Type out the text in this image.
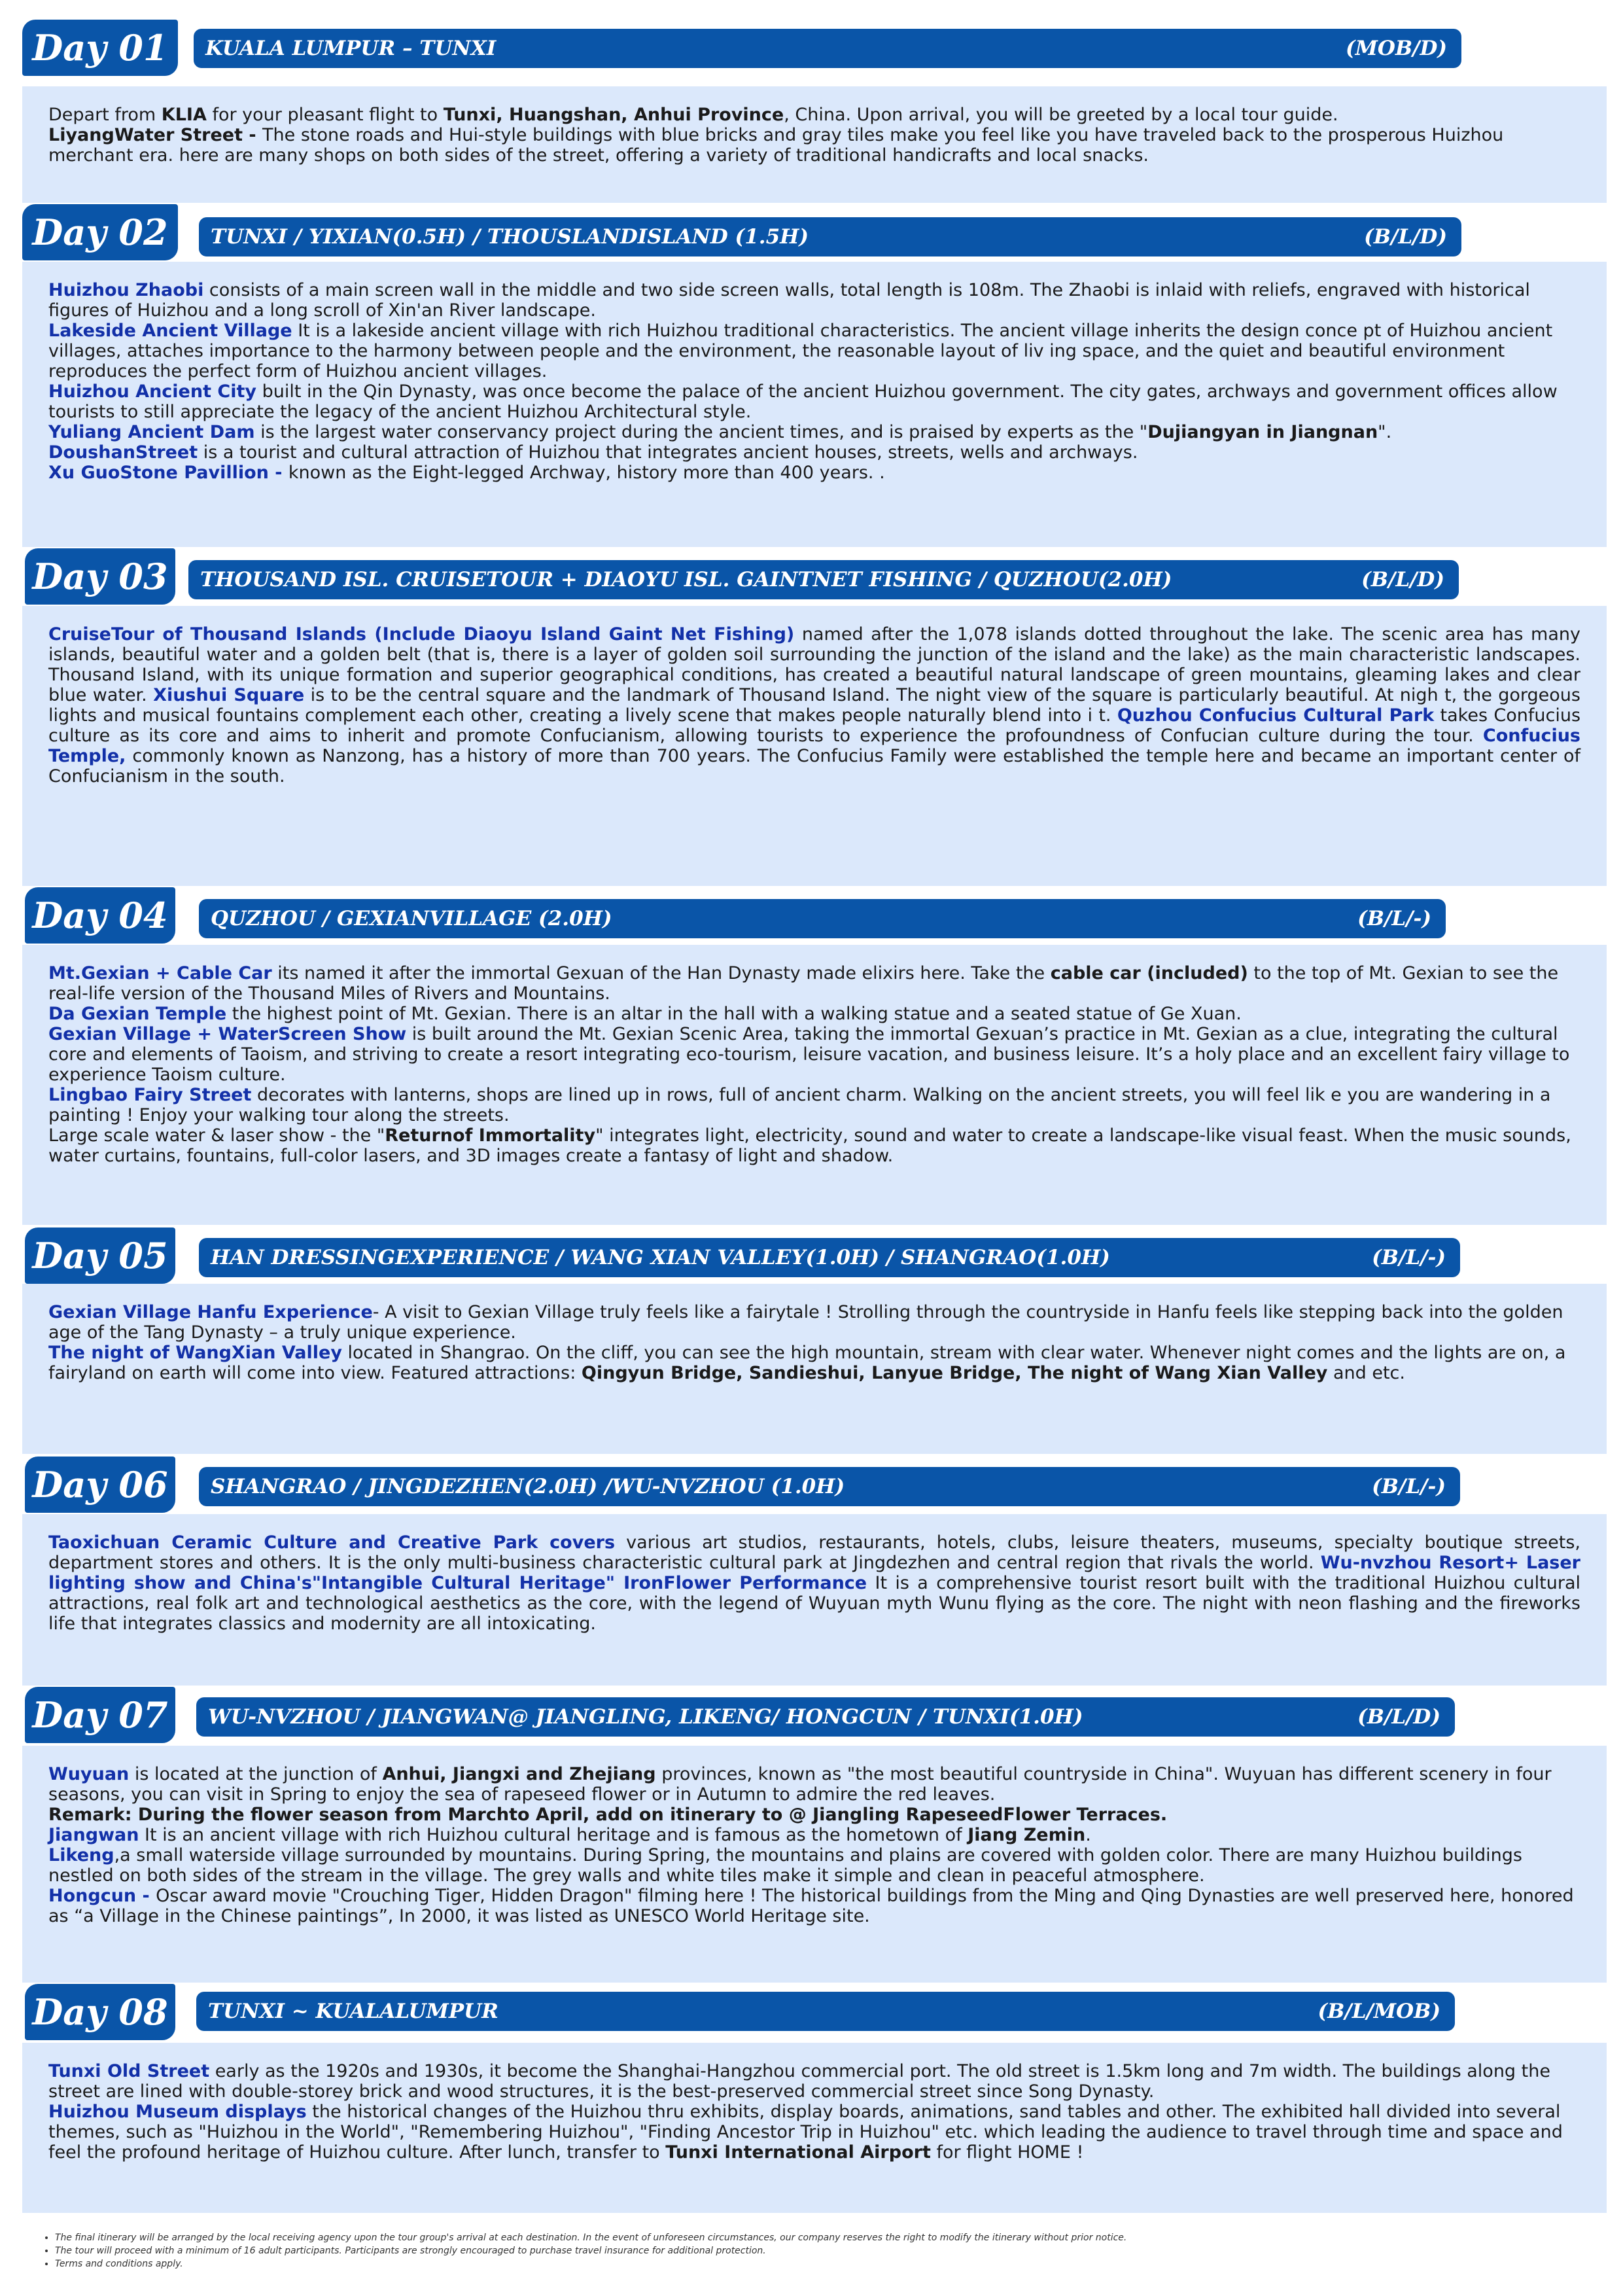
Day 01	KUALA LUMPUR – TUNXI	(MOB/D)

Depart from KLIA for your pleasant flight to Tunxi, Huangshan, Anhui Province, China. Upon arrival, you will be greeted by a local tour guide.

LiyangWater Street - The stone roads and Hui-style buildings with blue bricks and gray tiles make you feel like you have traveled back to the prosperous Huizhou merchant era. here are many shops on both sides of the street, offering a variety of traditional handicrafts and local snacks.

Day 02	TUNXI / YIXIAN(0.5H) / THOUSLANDISLAND (1.5H)	(B/L/D)

Huizhou Zhaobi consists of a main screen wall in the middle and two side screen walls, total length is 108m. The Zhaobi is inlaid with reliefs, engraved with historical figures of Huizhou and a long scroll of Xin'an River landscape.

Lakeside Ancient Village It is a lakeside ancient village with rich Huizhou traditional characteristics. The ancient village inherits the design conce pt of Huizhou ancient villages, attaches importance to the harmony between people and the environment, the reasonable layout of liv ing space, and the quiet and beautiful environment reproduces the perfect form of Huizhou ancient villages.

Huizhou Ancient City built in the Qin Dynasty, was once become the palace of the ancient Huizhou government. The city gates, archways and government offices allow tourists to still appreciate the legacy of the ancient Huizhou Architectural style.

Yuliang Ancient Dam is the largest water conservancy project during the ancient times, and is praised by experts as the "Dujiangyan in Jiangnan".

DoushanStreet is a tourist and cultural attraction of Huizhou that integrates ancient houses, streets, wells and archways.

Xu GuoStone Pavillion - known as the Eight-legged Archway, history more than 400 years. .

Day 03	THOUSAND ISL. CRUISETOUR + DIAOYU ISL. GAINTNET FISHING / QUZHOU(2.0H)	(B/L/D)

CruiseTour of Thousand Islands (Include Diaoyu Island Gaint Net Fishing) named after the 1,078 islands dotted throughout the lake. The scenic area has many islands, beautiful water and a golden belt (that is, there is a layer of golden soil surrounding the junction of the island and the lake) as the main characteristic landscapes. Thousand Island, with its unique formation and superior geographical conditions, has created a beautiful natural landscape of green mountains, gleaming lakes and clear blue water. Xiushui Square is to be the central square and the landmark of Thousand Island. The night view of the square is particularly beautiful. At nigh t, the gorgeous lights and musical fountains complement each other, creating a lively scene that makes people naturally blend into i t. Quzhou Confucius Cultural Park takes Confucius culture as its core and aims to inherit and promote Confucianism, allowing tourists to experience the profoundness of Confucian culture during the tour. Confucius Temple, commonly known as Nanzong, has a history of more than 700 years. The Confucius Family were established the temple here and became an important center of Confucianism in the south.

Day 04	QUZHOU / GEXIANVILLAGE (2.0H)	(B/L/-)

Mt.Gexian + Cable Car its named it after the immortal Gexuan of the Han Dynasty made elixirs here. Take the cable car (included) to the top of Mt. Gexian to see the real-life version of the Thousand Miles of Rivers and Mountains.

Da Gexian Temple the highest point of Mt. Gexian. There is an altar in the hall with a walking statue and a seated statue of Ge Xuan.

Gexian Village + WaterScreen Show is built around the Mt. Gexian Scenic Area, taking the immortal Gexuan’s practice in Mt. Gexian as a clue, integrating the cultural core and elements of Taoism, and striving to create a resort integrating eco-tourism, leisure vacation, and business leisure. It’s a holy place and an excellent fairy village to experience Taoism culture.

Lingbao Fairy Street decorates with lanterns, shops are lined up in rows, full of ancient charm. Walking on the ancient streets, you will feel lik e you are wandering in a painting ! Enjoy your walking tour along the streets.

Large scale water & laser show - the "Returnof Immortality" integrates light, electricity, sound and water to create a landscape-like visual feast. When the music sounds, water curtains, fountains, full-color lasers, and 3D images create a fantasy of light and shadow.

Day 05	HAN DRESSINGEXPERIENCE / WANG XIAN VALLEY(1.0H) / SHANGRAO(1.0H)	(B/L/-)

Gexian Village Hanfu Experience- A visit to Gexian Village truly feels like a fairytale ! Strolling through the countryside in Hanfu feels like stepping back into the golden age of the Tang Dynasty – a truly unique experience.

The night of WangXian Valley located in Shangrao. On the cliff, you can see the high mountain, stream with clear water. Whenever night comes and the lights are on, a fairyland on earth will come into view. Featured attractions: Qingyun Bridge, Sandieshui, Lanyue Bridge, The night of Wang Xian Valley and etc.

Day 06	SHANGRAO / JINGDEZHEN(2.0H) /WU-NVZHOU (1.0H)	(B/L/-)

Taoxichuan Ceramic Culture and Creative Park covers various art studios, restaurants, hotels, clubs, leisure theaters, museums, specialty boutique streets, department stores and others. It is the only multi-business characteristic cultural park at Jingdezhen and central region that rivals the world. Wu-nvzhou Resort+ Laser lighting show and China's"Intangible Cultural Heritage" IronFlower Performance It is a comprehensive tourist resort built with the traditional Huizhou cultural attractions, real folk art and technological aesthetics as the core, with the legend of Wuyuan myth Wunu flying as the core. The night with neon flashing and the fireworks life that integrates classics and modernity are all intoxicating.

Day 07	WU-NVZHOU / JIANGWAN@ JIANGLING, LIKENG/ HONGCUN / TUNXI(1.0H)	(B/L/D)

Wuyuan is located at the junction of Anhui, Jiangxi and Zhejiang provinces, known as "the most beautiful countryside in China". Wuyuan has different scenery in four seasons, you can visit in Spring to enjoy the sea of rapeseed flower or in Autumn to admire the red leaves.

Remark: During the flower season from Marchto April, add on itinerary to @ Jiangling RapeseedFlower Terraces.

Jiangwan It is an ancient village with rich Huizhou cultural heritage and is famous as the hometown of Jiang Zemin.

Likeng,a small waterside village surrounded by mountains. During Spring, the mountains and plains are covered with golden color. There are many Huizhou buildings nestled on both sides of the stream in the village. The grey walls and white tiles make it simple and clean in peaceful atmosphere.

Hongcun - Oscar award movie "Crouching Tiger, Hidden Dragon" filming here ! The historical buildings from the Ming and Qing Dynasties are well preserved here, honored as “a Village in the Chinese paintings”, In 2000, it was listed as UNESCO World Heritage site.

Day 08	TUNXI ~ KUALALUMPUR	(B/L/MOB)

Tunxi Old Street early as the 1920s and 1930s, it become the Shanghai-Hangzhou commercial port. The old street is 1.5km long and 7m width. The buildings along the street are lined with double-storey brick and wood structures, it is the best-preserved commercial street since Song Dynasty.

Huizhou Museum displays the historical changes of the Huizhou thru exhibits, display boards, animations, sand tables and other. The exhibited hall divided into several themes, such as "Huizhou in the World", "Remembering Huizhou", "Finding Ancestor Trip in Huizhou" etc. which leading the audience to travel through time and space and feel the profound heritage of Huizhou culture. After lunch, transfer to Tunxi International Airport for flight HOME !

• The final itinerary will be arranged by the local receiving agency upon the tour group's arrival at each destination. In the event of unforeseen circumstances, our company reserves the right to modify the itinerary without prior notice.
• The tour will proceed with a minimum of 16 adult participants. Participants are strongly encouraged to purchase travel insurance for additional protection.
• Terms and conditions apply.
